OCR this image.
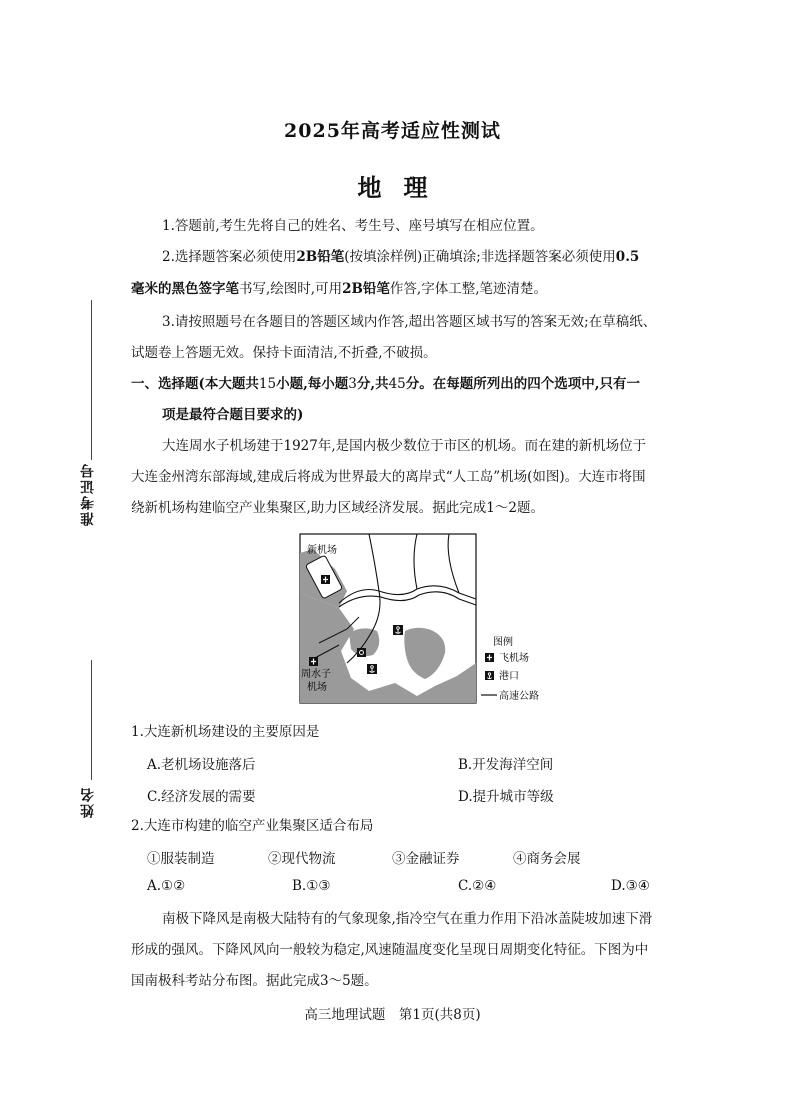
2025年高考适应性测试
地理
准考证号
姓名
1.答题前,考生先将自己的姓名、考生号、座号填写在相应位置。
2.选择题答案必须使用2B铅笔(按填涂样例)正确填涂;非选择题答案必须使用0.5
毫米的黑色签字笔书写,绘图时,可用2B铅笔作答,字体工整,笔迹清楚。
3.请按照题号在各题目的答题区域内作答,超出答题区域书写的答案无效;在草稿纸、
试题卷上答题无效。保持卡面清洁,不折叠,不破损。
一、选择题(本大题共15小题,每小题3分,共45分。在每题所列出的四个选项中,只有一
项是最符合题目要求的)
大连周水子机场建于1927年,是国内极少数位于市区的机场。而在建的新机场位于
大连金州湾东部海域,建成后将成为世界最大的离岸式“人工岛”机场(如图)。大连市将围
绕新机场构建临空产业集聚区,助力区域经济发展。据此完成1～2题。
新机场
周水子
机场
图例
飞机场
港口
高速公路
1.大连新机场建设的主要原因是
A.老机场设施落后	B.开发海洋空间
C.经济发展的需要	D.提升城市等级
2.大连市构建的临空产业集聚区适合布局
①服装制造	②现代物流	③金融证券	④商务会展
A.①②	B.①③	C.②④	D.③④
南极下降风是南极大陆特有的气象现象,指冷空气在重力作用下沿冰盖陡坡加速下滑
形成的强风。下降风风向一般较为稳定,风速随温度变化呈现日周期变化特征。下图为中
国南极科考站分布图。据此完成3～5题。
高三地理试题　第1页(共8页)
